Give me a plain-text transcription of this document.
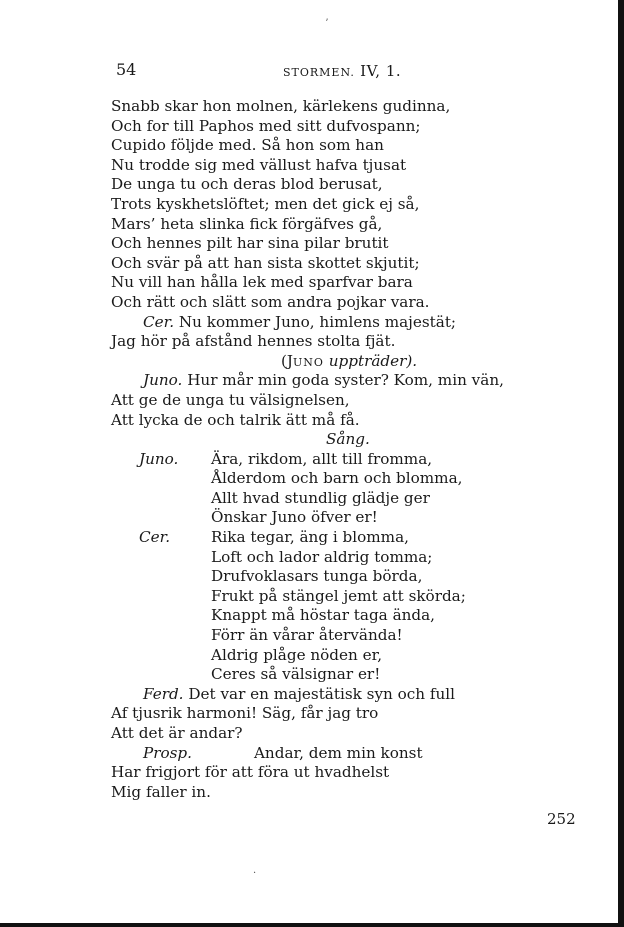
ʼ
54	STORMEN. IV, 1.
Snabb skar hon molnen, kärlekens gudinna,
Och for till Paphos med sitt dufvospann;
Cupido följde med. Så hon som han
Nu trodde sig med vällust hafva tjusat
De unga tu och deras blod berusat,
Trots kyskhetslöftet; men det gick ej så,
Mars’ heta slinka fick förgäfves gå,
Och hennes pilt har sina pilar brutit
Och svär på att han sista skottet skjutit;
Nu vill han hålla lek med sparfvar bara
Och rätt och slätt som andra pojkar vara.
Cer. Nu kommer Juno, himlens majestät;
Jag hör på afstånd hennes stolta fjät.
(JUNO uppträder).
Juno. Hur mår min goda syster? Kom, min vän,
Att ge de unga tu välsignelsen,
Att lycka de och talrik ätt må få.
Sång.
Juno. Ära, rikdom, allt till fromma,
Ålderdom och barn och blomma,
Allt hvad stundlig glädje ger
Önskar Juno öfver er!
Cer.	Rika tegar, äng i blomma,
Loft och lador aldrig tomma;
Drufvoklasars tunga börda,
Frukt på stängel jemt att skörda;
Knappt må höstar taga ända,
Förr än vårar återvända!
Aldrig plåge nöden er,
Ceres så välsignar er!
Ferd. Det var en majestätisk syn och full
Af tjusrik harmoni! Säg, får jag tro
Att det är andar?
Prosp.	Andar, dem min konst
Har frigjort för att föra ut hvadhelst
Mig faller in.
252
·
